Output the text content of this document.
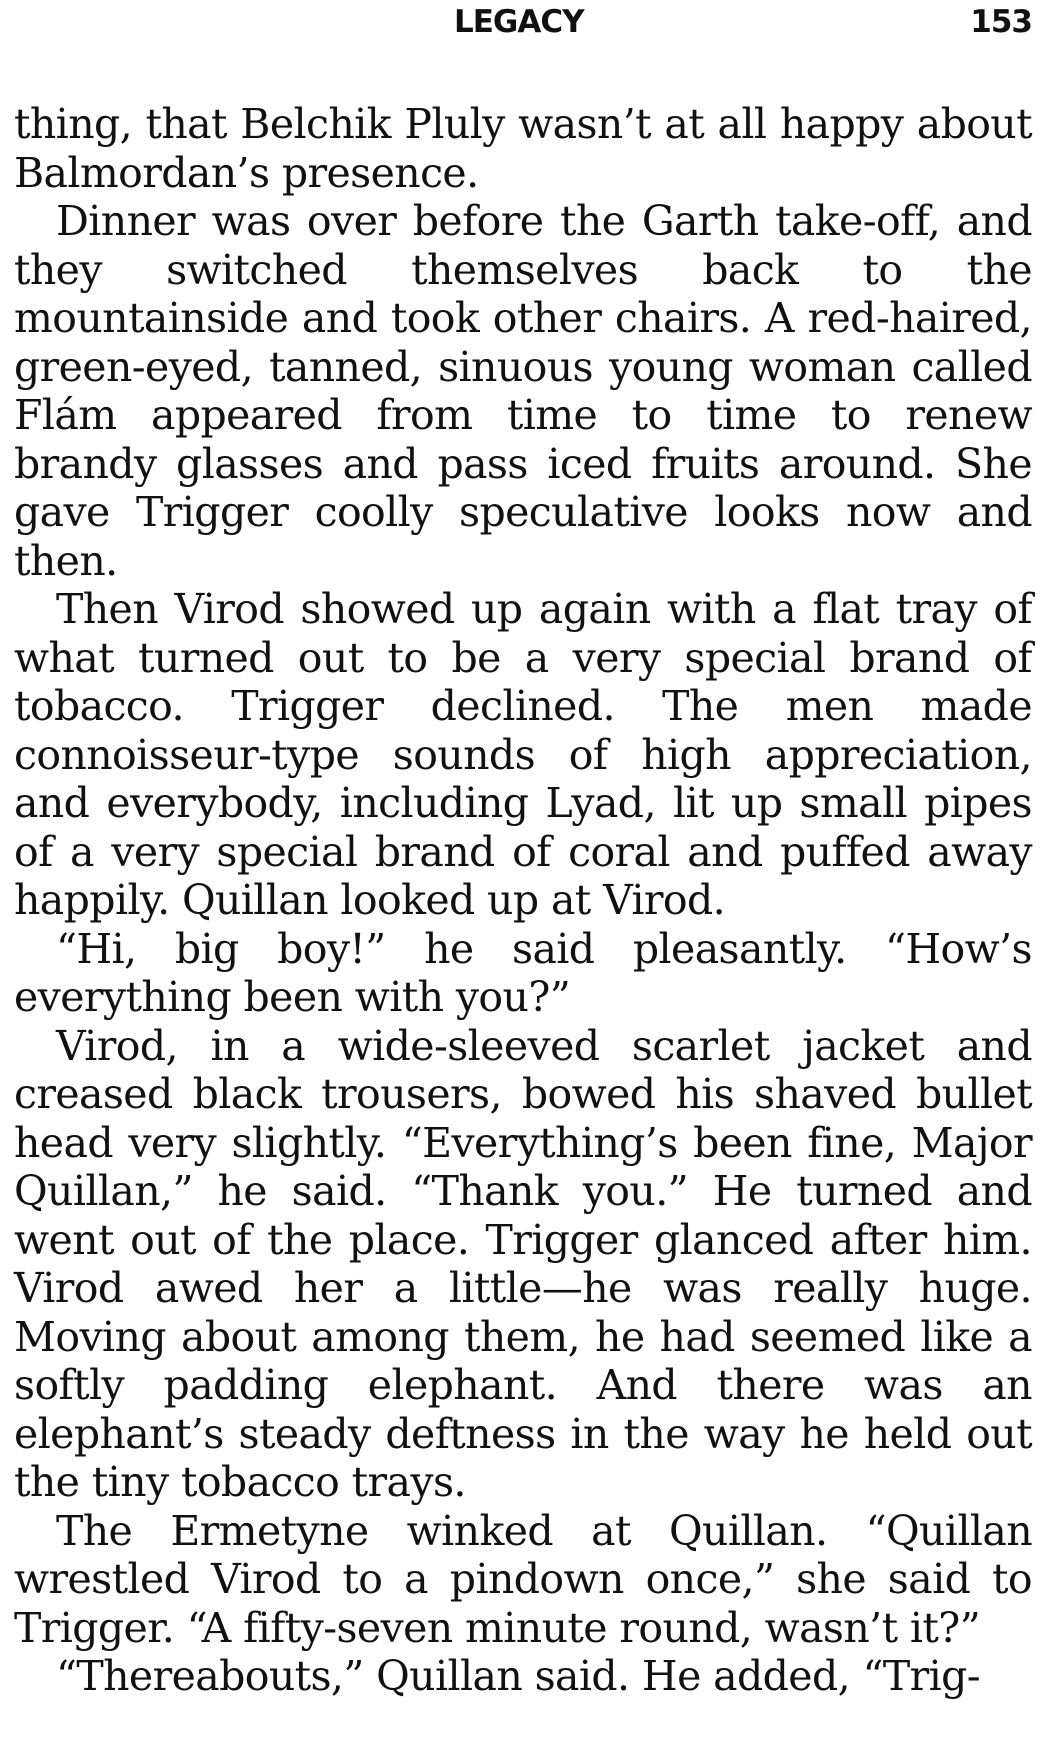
LEGACY	153

thing, that Belchik Pluly wasn’t at all happy about Balmordan’s presence.

Dinner was over before the Garth take-off, and they switched themselves back to the mountainside and took other chairs. A red-haired, green-eyed, tanned, sinuous young woman called Flám appeared from time to time to renew brandy glasses and pass iced fruits around. She gave Trigger coolly speculative looks now and then.

Then Virod showed up again with a flat tray of what turned out to be a very special brand of tobacco. Trigger declined. The men made connoisseur-type sounds of high appreciation, and everybody, including Lyad, lit up small pipes of a very special brand of coral and puffed away happily. Quillan looked up at Virod.

“Hi, big boy!” he said pleasantly. “How’s everything been with you?”

Virod, in a wide-sleeved scarlet jacket and creased black trousers, bowed his shaved bullet head very slightly. “Everything’s been fine, Major Quillan,” he said. “Thank you.” He turned and went out of the place. Trigger glanced after him. Virod awed her a little—he was really huge. Moving about among them, he had seemed like a softly padding elephant. And there was an elephant’s steady deftness in the way he held out the tiny tobacco trays.

The Ermetyne winked at Quillan. “Quillan wrestled Virod to a pindown once,” she said to Trigger. “A fifty-seven minute round, wasn’t it?”

“Thereabouts,” Quillan said. He added, “Trig-
